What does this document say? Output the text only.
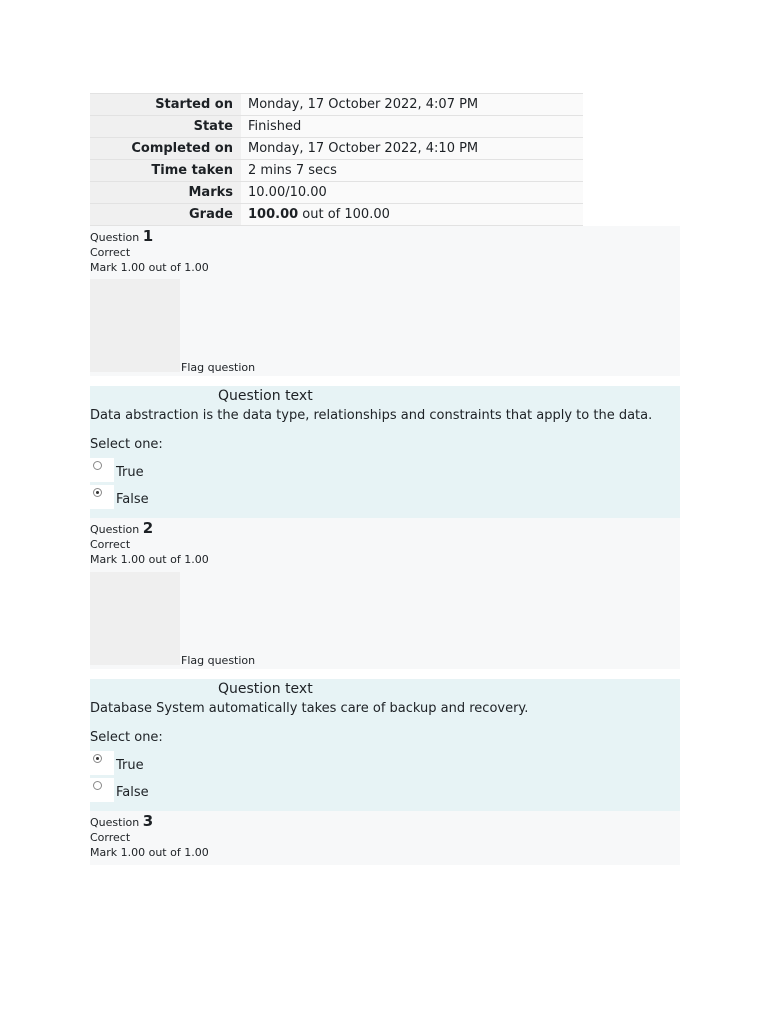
Started on	Monday, 17 October 2022, 4:07 PM
State	Finished
Completed on	Monday, 17 October 2022, 4:10 PM
Time taken	2 mins 7 secs
Marks	10.00/10.00
Grade	100.00 out of 100.00
Question 1
Correct
Mark 1.00 out of 1.00
Flag question
Question text
Data abstraction is the data type, relationships and constraints that apply to the data.
Select one:
True
False
Question 2
Correct
Mark 1.00 out of 1.00
Flag question
Question text
Database System automatically takes care of backup and recovery.
Select one:
True
False
Question 3
Correct
Mark 1.00 out of 1.00
